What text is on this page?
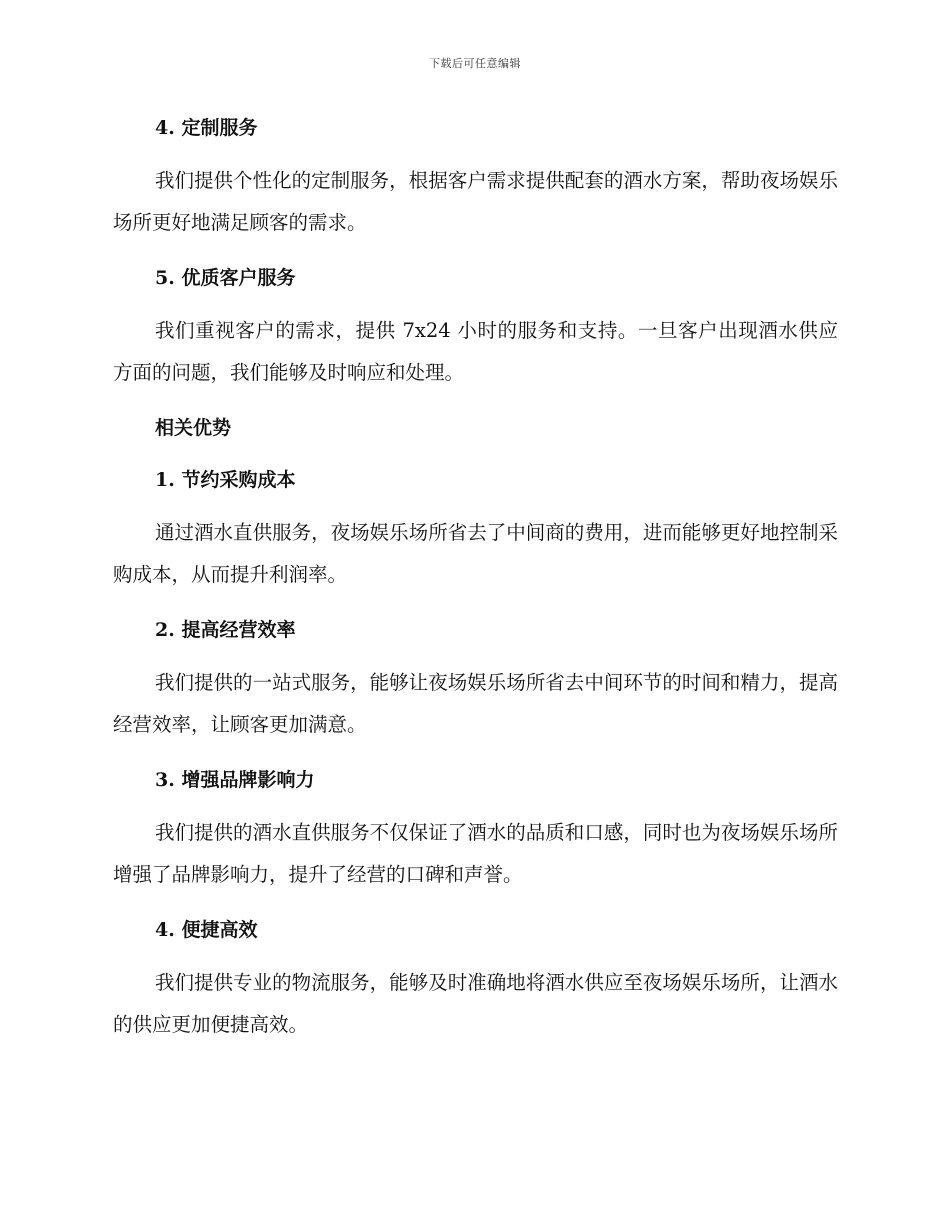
下载后可任意编辑
4. 定制服务

我们提供个性化的定制服务，根据客户需求提供配套的酒水方案，帮助夜场娱乐场所更好地满足顾客的需求。

5. 优质客户服务

我们重视客户的需求，提供 7x24 小时的服务和支持。一旦客户出现酒水供应方面的问题，我们能够及时响应和处理。

相关优势
1. 节约采购成本

通过酒水直供服务，夜场娱乐场所省去了中间商的费用，进而能够更好地控制采购成本，从而提升利润率。

2. 提高经营效率

我们提供的一站式服务，能够让夜场娱乐场所省去中间环节的时间和精力，提高经营效率，让顾客更加满意。

3. 增强品牌影响力

我们提供的酒水直供服务不仅保证了酒水的品质和口感，同时也为夜场娱乐场所增强了品牌影响力，提升了经营的口碑和声誉。

4. 便捷高效

我们提供专业的物流服务，能够及时准确地将酒水供应至夜场娱乐场所，让酒水的供应更加便捷高效。
